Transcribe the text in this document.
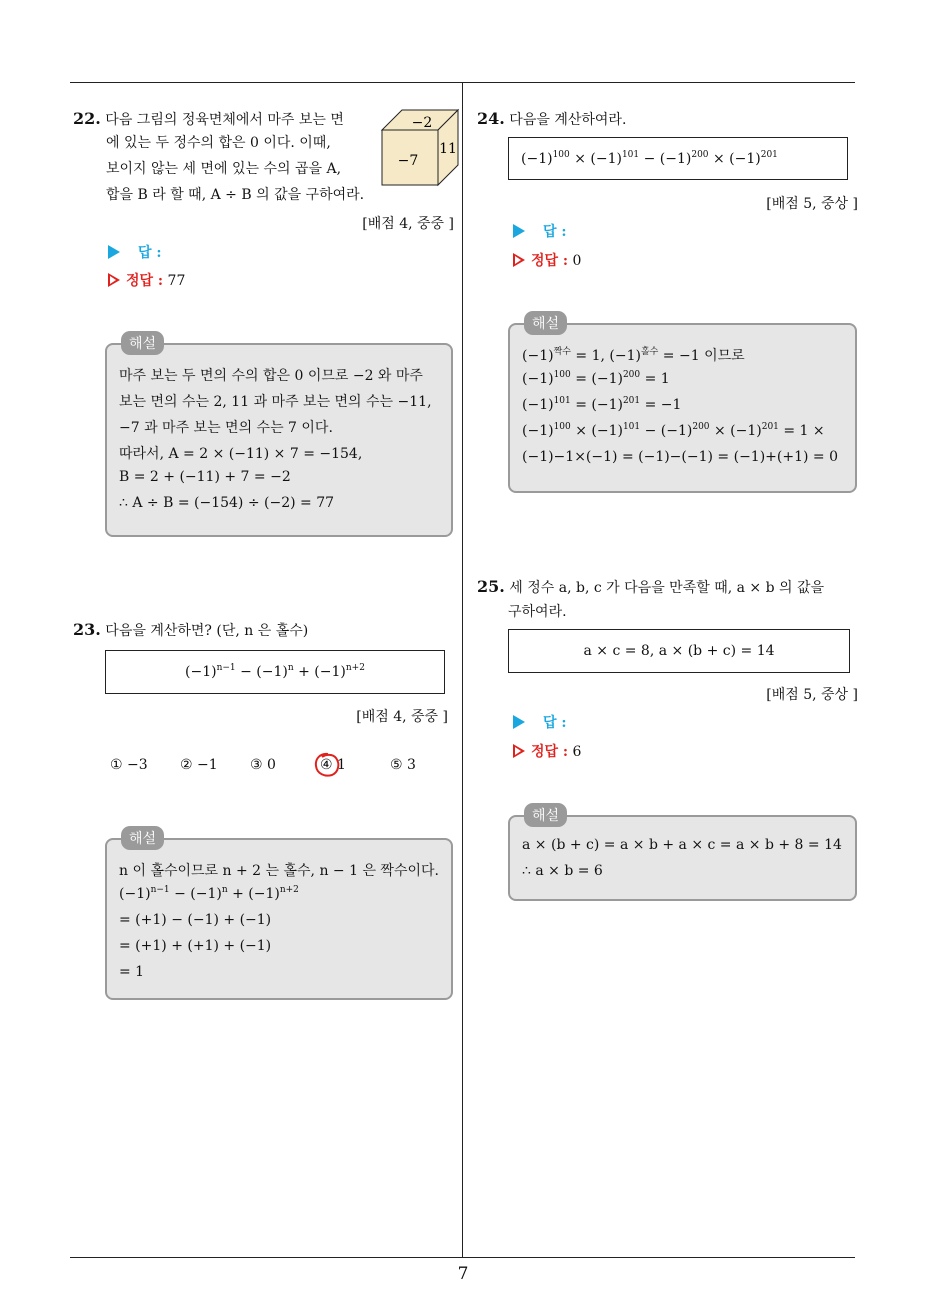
7
22. 다음 그림의 정육면체에서 마주 보는 면
에 있는 두 정수의 합은 0 이다. 이때,
보이지 않는 세 면에 있는 수의 곱을 A,
합을 B 라 할 때, A ÷ B 의 값을 구하여라.
−2
−7
11
[배점 4, 중중 ]
답 :
정답 : 77
해설
마주 보는 두 면의 수의 합은 0 이므로 −2 와 마주
보는 면의 수는 2, 11 과 마주 보는 면의 수는 −11,
−7 과 마주 보는 면의 수는 7 이다.
따라서, A = 2 × (−11) × 7 = −154,
B = 2 + (−11) + 7 = −2
∴ A ÷ B = (−154) ÷ (−2) = 77
23. 다음을 계산하면? (단, n 은 홀수)
$(-1)^{n-1} - (-1)^n + (-1)^{n+2}$
[배점 4, 중중 ]
① −3 ② −1 ③ 0	④ 1	⑤ 3
해설
n 이 홀수이므로 n + 2 는 홀수, n − 1 은 짝수이다.
$(-1)^{n-1} - (-1)^n + (-1)^{n+2}$
= (+1) − (−1) + (−1)
= (+1) + (+1) + (−1)
= 1
24. 다음을 계산하여라.
$(-1)^{100} \times (-1)^{101} - (-1)^{200} \times (-1)^{201}$
[배점 5, 중상 ]
답 :
정답 : 0
해설
$(-1)^{짝수} = 1$, $(-1)^{홀수} = -1$ 이므로
$(-1)^{100} = (-1)^{200} = 1$
$(-1)^{101} = (-1)^{201} = -1$
$(-1)^{100} \times (-1)^{101} - (-1)^{200} \times (-1)^{201} = 1$ ×
(−1)−1×(−1) = (−1)−(−1) = (−1)+(+1) = 0
25. 세 정수 a, b, c 가 다음을 만족할 때, a × b 의 값을
구하여라.
a × c = 8, a × (b + c) = 14
[배점 5, 중상 ]
답 :
정답 : 6
해설
a × (b + c) = a × b + a × c = a × b + 8 = 14
∴ a × b = 6
